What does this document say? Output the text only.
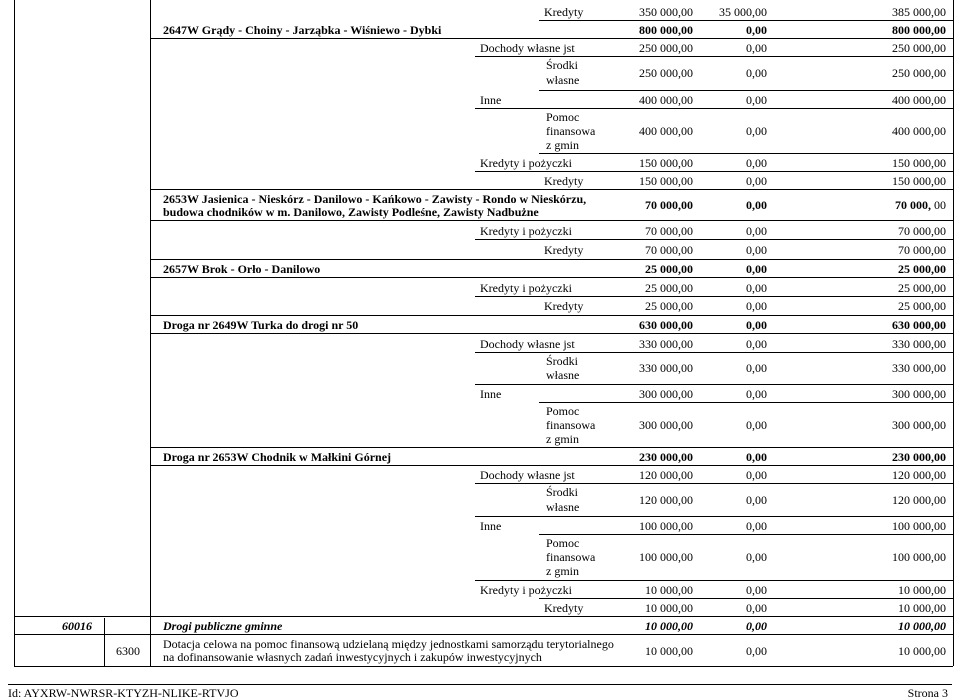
Kredyty	350 000,00 35 000,00	385 000,00
2647W Grądy - Choiny - Jarząbka - Wiśniewo - Dybki	800 000,00	0,00	800 000,00
Dochody własne jst	250 000,00	0,00	250 000,00
Środki
własne	250 000,00	0,00	250 000,00
Inne	400 000,00	0,00	400 000,00
Pomoc
finansowa
z gmin
400 000,00	0,00	400 000,00
Kredyty i pożyczki	150 000,00	0,00	150 000,00
Kredyty	150 000,00	0,00	150 000,00
2653W Jasienica - Nieskórz - Danilowo - Kańkowo - Zawisty - Rondo w Nieskórzu,
budowa chodników w m. Danilowo, Zawisty Podleśne, Zawisty Nadbużne	70 000,00	0,00	70 000, 00
Kredyty i pożyczki	70 000,00	0,00	70 000,00
Kredyty	70 000,00	0,00	70 000,00
2657W Brok - Orło - Danilowo	25 000,00	0,00	25 000,00
Kredyty i pożyczki	25 000,00	0,00	25 000,00
Kredyty	25 000,00	0,00	25 000,00
Droga nr 2649W Turka do drogi nr 50	630 000,00	0,00	630 000,00
Dochody własne jst	330 000,00	0,00	330 000,00
Środki
własne	330 000,00	0,00	330 000,00
Inne	300 000,00	0,00	300 000,00
Pomoc
finansowa
z gmin
300 000,00	0,00	300 000,00
Droga nr 2653W Chodnik w Małkini Górnej	230 000,00	0,00	230 000,00
Dochody własne jst	120 000,00	0,00	120 000,00
Środki
własne	120 000,00	0,00	120 000,00
Inne	100 000,00	0,00	100 000,00
Pomoc
finansowa
z gmin
100 000,00	0,00	100 000,00
Kredyty i pożyczki	10 000,00	0,00	10 000,00
Kredyty	10 000,00	0,00	10 000,00
60016	Drogi publiczne gminne	10 000,00	0,00	10 000,00
6300 Dotacja celowa na pomoc finansową udzielaną między jednostkami samorządu terytorialnego
na dofinansowanie własnych zadań inwestycyjnych i zakupów inwestycyjnych	10 000,00	0,00	10 000,00
Id: AYXRW-NWRSR-KTYZH-NLIKE-RTVJO	Strona 3
